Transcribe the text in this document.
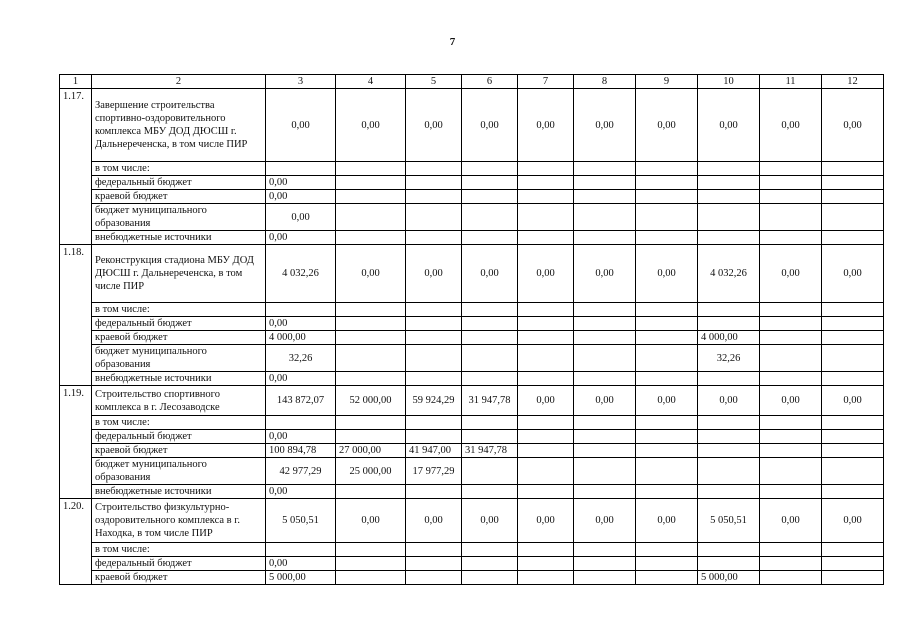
7
1	2	3	4	5	6	7	8	9	10	11	12
1.17.	Завершение строительства спортивно-оздоровительного комплекса МБУ ДОД ДЮСШ г. Дальнереченска, в том числе ПИР	0,00	0,00	0,00	0,00	0,00	0,00	0,00	0,00	0,00	0,00
	в том числе:										
	федеральный бюджет	0,00									
	краевой бюджет	0,00									
	бюджет муниципального образования	0,00									
	внебюджетные источники	0,00									
1.18.	Реконструкция стадиона МБУ ДОД ДЮСШ г. Дальнереченска, в том числе ПИР	4 032,26	0,00	0,00	0,00	0,00	0,00	0,00	4 032,26	0,00	0,00
	в том числе:										
	федеральный бюджет	0,00									
	краевой бюджет	4 000,00							4 000,00		
	бюджет муниципального образования	32,26							32,26		
	внебюджетные источники	0,00									
1.19.	Строительство спортивного комплекса в г. Лесозаводске	143 872,07	52 000,00	59 924,29	31 947,78	0,00	0,00	0,00	0,00	0,00	0,00
	в том числе:										
	федеральный бюджет	0,00									
	краевой бюджет	100 894,78	27 000,00	41 947,00	31 947,78						
	бюджет муниципального образования	42 977,29	25 000,00	17 977,29							
	внебюджетные источники	0,00									
1.20.	Строительство физкультурно-оздоровительного комплекса в г. Находка, в том числе ПИР	5 050,51	0,00	0,00	0,00	0,00	0,00	0,00	5 050,51	0,00	0,00
	в том числе:										
	федеральный бюджет	0,00									
	краевой бюджет	5 000,00							5 000,00		
